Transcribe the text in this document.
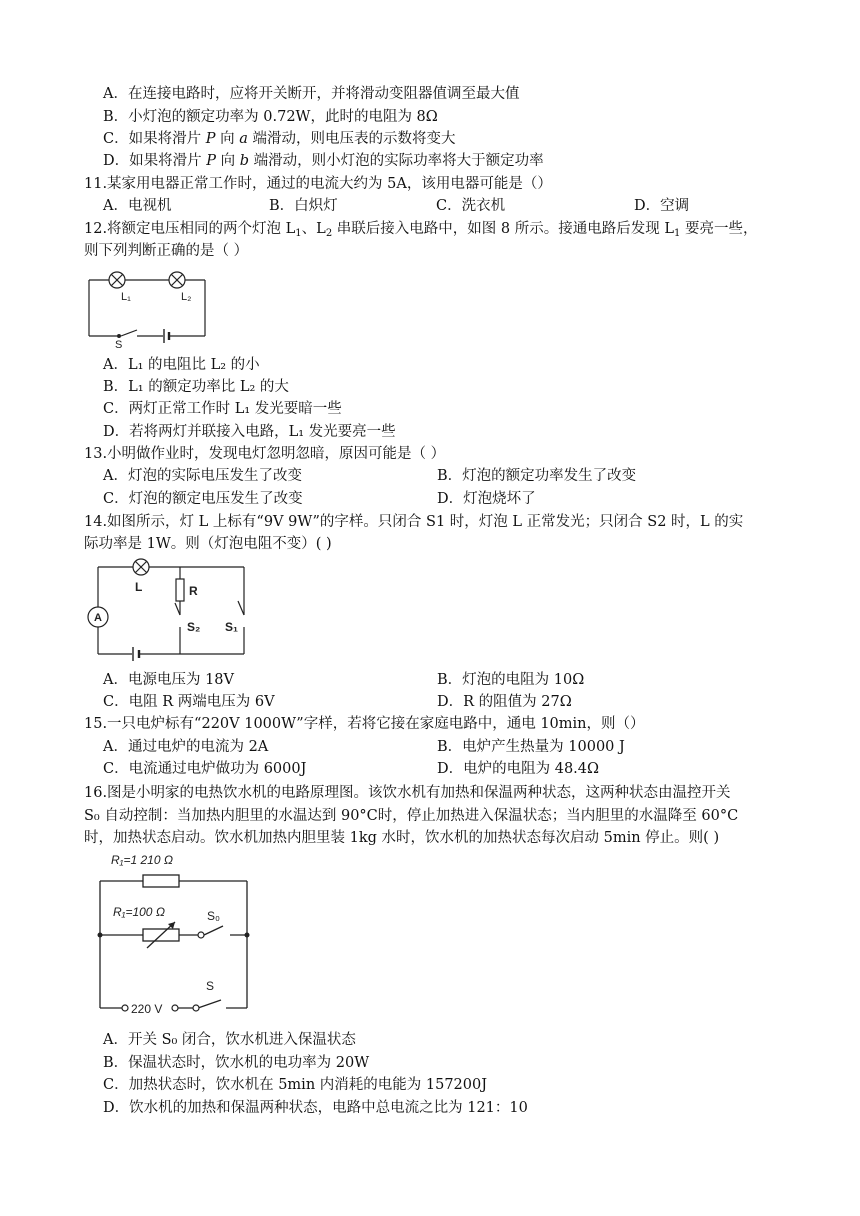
A．在连接电路时，应将开关断开，并将滑动变阻器值调至最大值
B．小灯泡的额定功率为 0.72W，此时的电阻为 8Ω
C．如果将滑片 P 向 a 端滑动，则电压表的示数将变大
D．如果将滑片 P 向 b 端滑动，则小灯泡的实际功率将大于额定功率
11.某家用电器正常工作时，通过的电流大约为 5A，该用电器可能是（）
A．电视机	B．白炽灯	C．洗衣机	D．空调
12.将额定电压相同的两个灯泡 $L_1$、$L_2$ 串联后接入电路中，如图 8 所示。接通电路后发现 $L_1$ 要亮一些，
则下列判断正确的是（ ）
L₁	L₂
S
A．L₁ 的电阻比 L₂ 的小
B．L₁ 的额定功率比 L₂ 的大
C．两灯正常工作时 L₁ 发光要暗一些
D．若将两灯并联接入电路，L₁ 发光要亮一些
13.小明做作业时，发现电灯忽明忽暗，原因可能是（ ）
A．灯泡的实际电压发生了改变	B．灯泡的额定功率发生了改变
C．灯泡的额定电压发生了改变	D．灯泡烧坏了
14.如图所示，灯 L 上标有“9V 9W”的字样。只闭合 S1 时，灯泡 L 正常发光；只闭合 S2 时，L 的实
际功率是 1W。则（灯泡电阻不变）( )
A
L	R
S₂ S₁
A．电源电压为 18V	B．灯泡的电阻为 10Ω
C．电阻 R 两端电压为 6V	D．R 的阻值为 27Ω
15.一只电炉标有“220V 1000W”字样，若将它接在家庭电路中，通电 10min，则（）
A．通过电炉的电流为 2A	B．电炉产生热量为 10000 J
C．电流通过电炉做功为 6000J	D．电炉的电阻为 48.4Ω
16.图是小明家的电热饮水机的电路原理图。该饮水机有加热和保温两种状态，这两种状态由温控开关
S₀ 自动控制：当加热内胆里的水温达到 90°C时，停止加热进入保温状态；当内胆里的水温降至 60°C
时，加热状态启动。饮水机加热内胆里装 1kg 水时，饮水机的加热状态每次启动 5min 停止。则( )
R₁=1 210 Ω
R₁=100 Ω	S₀
S
220 V
A．开关 S₀ 闭合，饮水机进入保温状态
B．保温状态时，饮水机的电功率为 20W
C．加热状态时，饮水机在 5min 内消耗的电能为 157200J
D．饮水机的加热和保温两种状态，电路中总电流之比为 121：10
